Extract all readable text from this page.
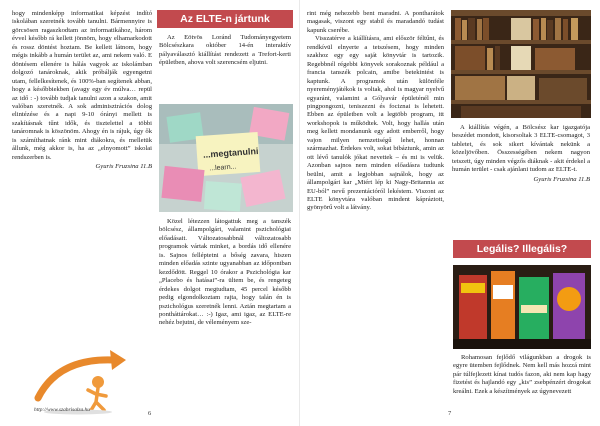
hogy mindenképp informatikai képzést indító iskolában szeretnék tovább tanulni. Bármennyire is görcsösen ragaszkodtam az informatikához, három évvel később rá kellett jönnöm, hogy elhamarkodott és rossz döntést hoztam. Be kellett látnom, hogy mégis inkább a humán terület az, ami nekem való. E döntésem ellenére is hálás vagyok az iskolámban dolgozó tanároknak, akik próbálják egyengetni utam, fellelkesítenek, és 100%-ban segítenek abban, hogy a későbbiekben (avagy egy év múlva… repül az idő : -) tovább tudjak tanulni azon a szakon, amit valóban szeretnék. A sok adminisztrációs dolog elintézése és a napi 9-10 órányi mellett is szakításnak tűnt idők, és tisztelettel a többi tanáromnak is köszönöm. Ahogy én is rájuk, úgy ők is számíthatnak ránk mint diákokra, és melletük állunk, még akkor is, ha az „elnyomott” iskolai rendszerben is.

Gyuris Fruzsina 11.B
http://www.szabrisalza.hu
Az ELTE-n jártunk

Az Eötvös Loránd Tudományegyetem Bölcsészkara október 14-én interaktív pályaválasztó kiállítást rendezett a Trefort-kerti épületben, ahova volt szerencsém eljutni.

...megtanulni
...learn...

Közel létezzen látogattuk meg a tanszék bölcsész, állampolgári, valamint pszichológiai előadásait. Változatosabbnál változatosabb programok vártak minket, a bordás idő ellenére is. Sajnos felléptetni a bőség zavara, hiszen minden előadás szinte ugyanabban az időpontban kezdődött. Reggel 10 órakor a Pszichológia kar „Placebo és hatásai”-ra ültem be, és rengeteg érdekes dolgot megtudtam, 45 percel később pedig elgondolkoztam rajta, hogy talán én is pszichológus szeretnék lenni. Aztán megtartam a pontháttárokat… :-) Igaz, ami igaz, az ELTE-re nehéz bejutni, de véleményem sze-

6

rint még nehezebb bent maradni. A pontharátok magasak, viszont egy stabil és maradandó tudást kapunk cserébe.

Visszatérve a kiállításra, ami először féltűnt, és rendkívül elnyerte a tetszésem, hogy minden szakhoz egy egy saját könyvtár is tartozik. Regebbnél régebbi könyvek sorakoznak például a francia tanszék polcain, amibe betekintést is kaptunk. A programok után különféle nyereményjátékok is voltak, ahol is magyar nyelvű egyaránt, valamint a Gólyavár épületénél min pingpongozni, teniszezni és fociznai is lehetett. Ebben az épületben volt a legtöbb program, itt workshopok is működtek. Volt, hogy hallás után meg kellett mondanunk egy adott emberről, hogy vajon milyen nemzetiségű lehet, honnan származhat. Érdekes volt, sokat bibáztunk, amin az ott lévő tanulók jókat nevettek – és mi is velük. Azonban sajnos nem minden előadásra tudtunk beülni, amit a legjobban sajnálok, hogy az állampolgári kar „Miért lép ki Nagy-Britannia az EU-ból” nevű prezentációról lekéstem. Viszont az ELTE könyvtára valóban mindent kápráztott, gyönyörű volt a látvány.

A kiállítás végén, a Bölcsész kar igazgatója beszédet mondott, kisorsoltak 3 ELTE-csomagot, 3 tabletet, és sok sikert kívántak nekünk a közeljövőben. Összességében nekem nagyon tetszett, úgy minden végzős diáknak - akit érdekel a humán terület - csak ajánlani tudom az ELTE-t.

Gyuris Fruzsina 11.B
Legális? Illegális?

Rohamosan fejlődő világunkban a drogok is egyre ütemben fejlődnek. Nem kell más hozzá mint pár túlfejlezett kínai tudós fazon, aki nem kap hagy fizetést és hajlandó egy „kis” zsebpénzért drogokat kreálni. Ezek a készítmények az úgynevezett

7
